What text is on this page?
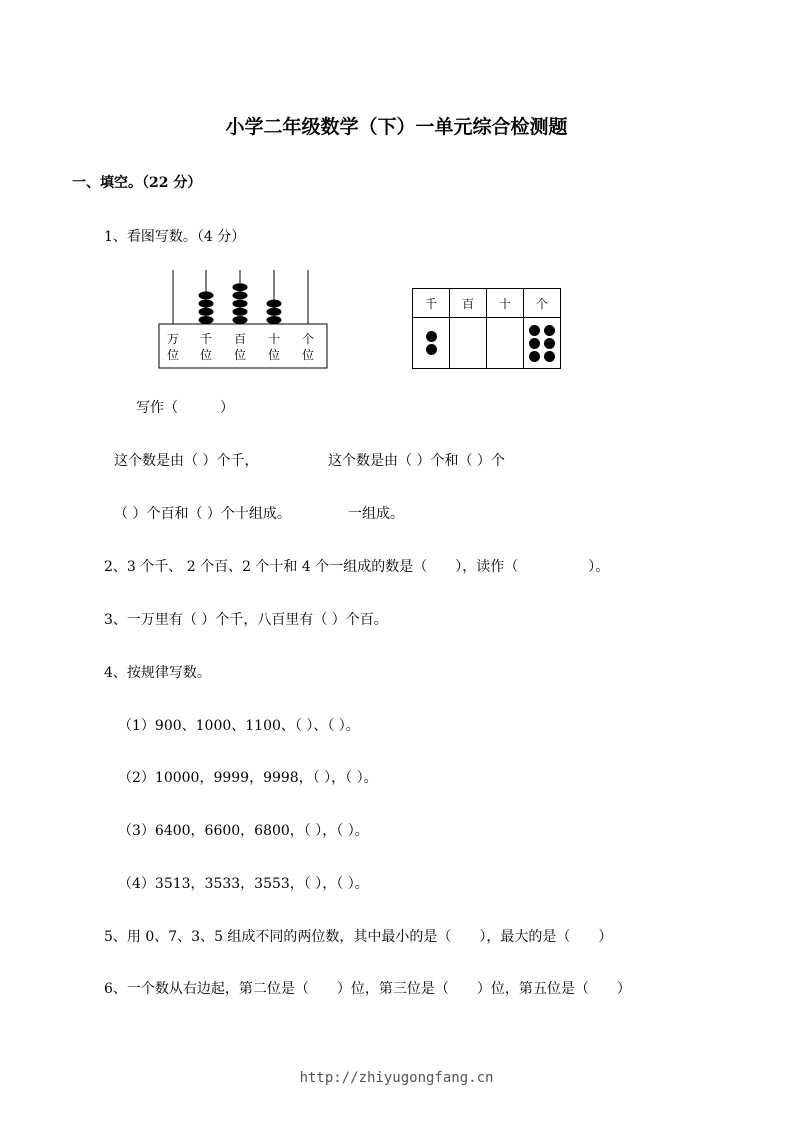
小学二年级数学（下）一单元综合检测题
一、填空。（22 分）
1、看图写数。（4 分）
万
位
千
位
百
位
十
位
个
位
千	百	十	个

写作（　　　）
这个数是由（ ）个千，	这个数是由（ ）个和（ ）个
（ ）个百和（ ）个十组成。	一组成。
2、3 个千、 2 个百、2 个十和 4 个一组成的数是（　　），读作（　　　　　）。
3、一万里有（ ）个千，八百里有（ ）个百。
4、按规律写数。
（1）900、1000、1100、（ ）、（ ）。
（2）10000，9999，9998，（ ），（ ）。
（3）6400，6600，6800，（ ），（ ）。
（4）3513，3533，3553，（ ），（ ）。
5、用 0、7、3、5 组成不同的两位数，其中最小的是（　　），最大的是（　　）
6、一个数从右边起，第二位是（　　）位，第三位是（　　）位，第五位是（　　）
http://zhiyugongfang.cn
